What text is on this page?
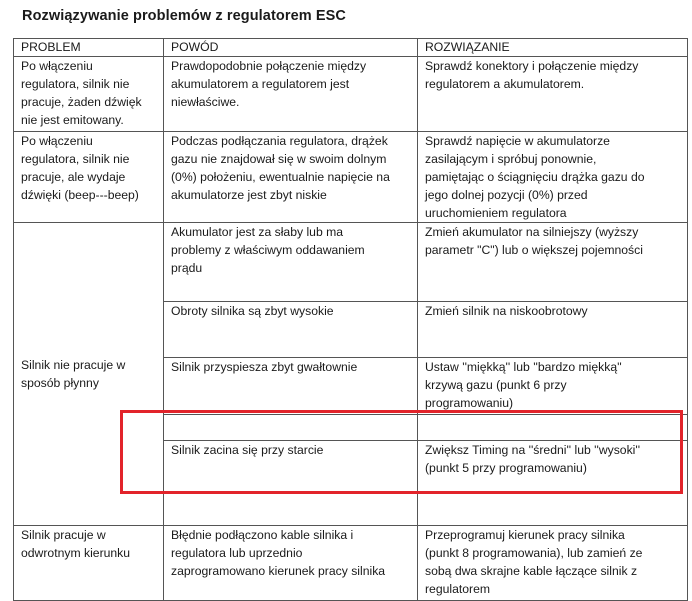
Rozwiązywanie problemów z regulatorem ESC
PROBLEM	POWÓD	ROZWIĄZANIE

Po włączeniu
regulatora, silnik nie
pracuje, żaden dźwięk
nie jest emitowany.	Prawdopodobnie połączenie między
akumulatorem a regulatorem jest
niewłaściwe.	Sprawdź konektory i połączenie między
regulatorem a akumulatorem.

Po włączeniu
regulatora, silnik nie
pracuje, ale wydaje
dźwięki (beep---beep)	Podczas podłączania regulatora, drążek
gazu nie znajdował się w swoim dolnym
(0%) położeniu, ewentualnie napięcie na
akumulatorze jest zbyt niskie	Sprawdź napięcie w akumulatorze
zasilającym i spróbuj ponownie,
pamiętając o ściągnięciu drążka gazu do
jego dolnej pozycji (0%) przed
uruchomieniem regulatora

Silnik nie pracuje w
sposób płynny	Akumulator jest za słaby lub ma
problemy z właściwym oddawaniem
prądu	Zmień akumulator na silniejszy (wyższy
parametr "C") lub o większej pojemności

	Obroty silnika są zbyt wysokie	Zmień silnik na niskoobrotowy

	Silnik przyspiesza zbyt gwałtownie	Ustaw ''miękką'' lub ''bardzo miękką''
krzywą gazu (punkt 6 przy
programowaniu)

	Silnik zacina się przy starcie	Zwiększ Timing na ''średni'' lub ''wysoki''
(punkt 5 przy programowaniu)

Silnik pracuje w
odwrotnym kierunku	Błędnie podłączono kable silnika i
regulatora lub uprzednio
zaprogramowano kierunek pracy silnika	Przeprogramuj kierunek pracy silnika
(punkt 8 programowania), lub zamień ze
sobą dwa skrajne kable łączące silnik z
regulatorem
